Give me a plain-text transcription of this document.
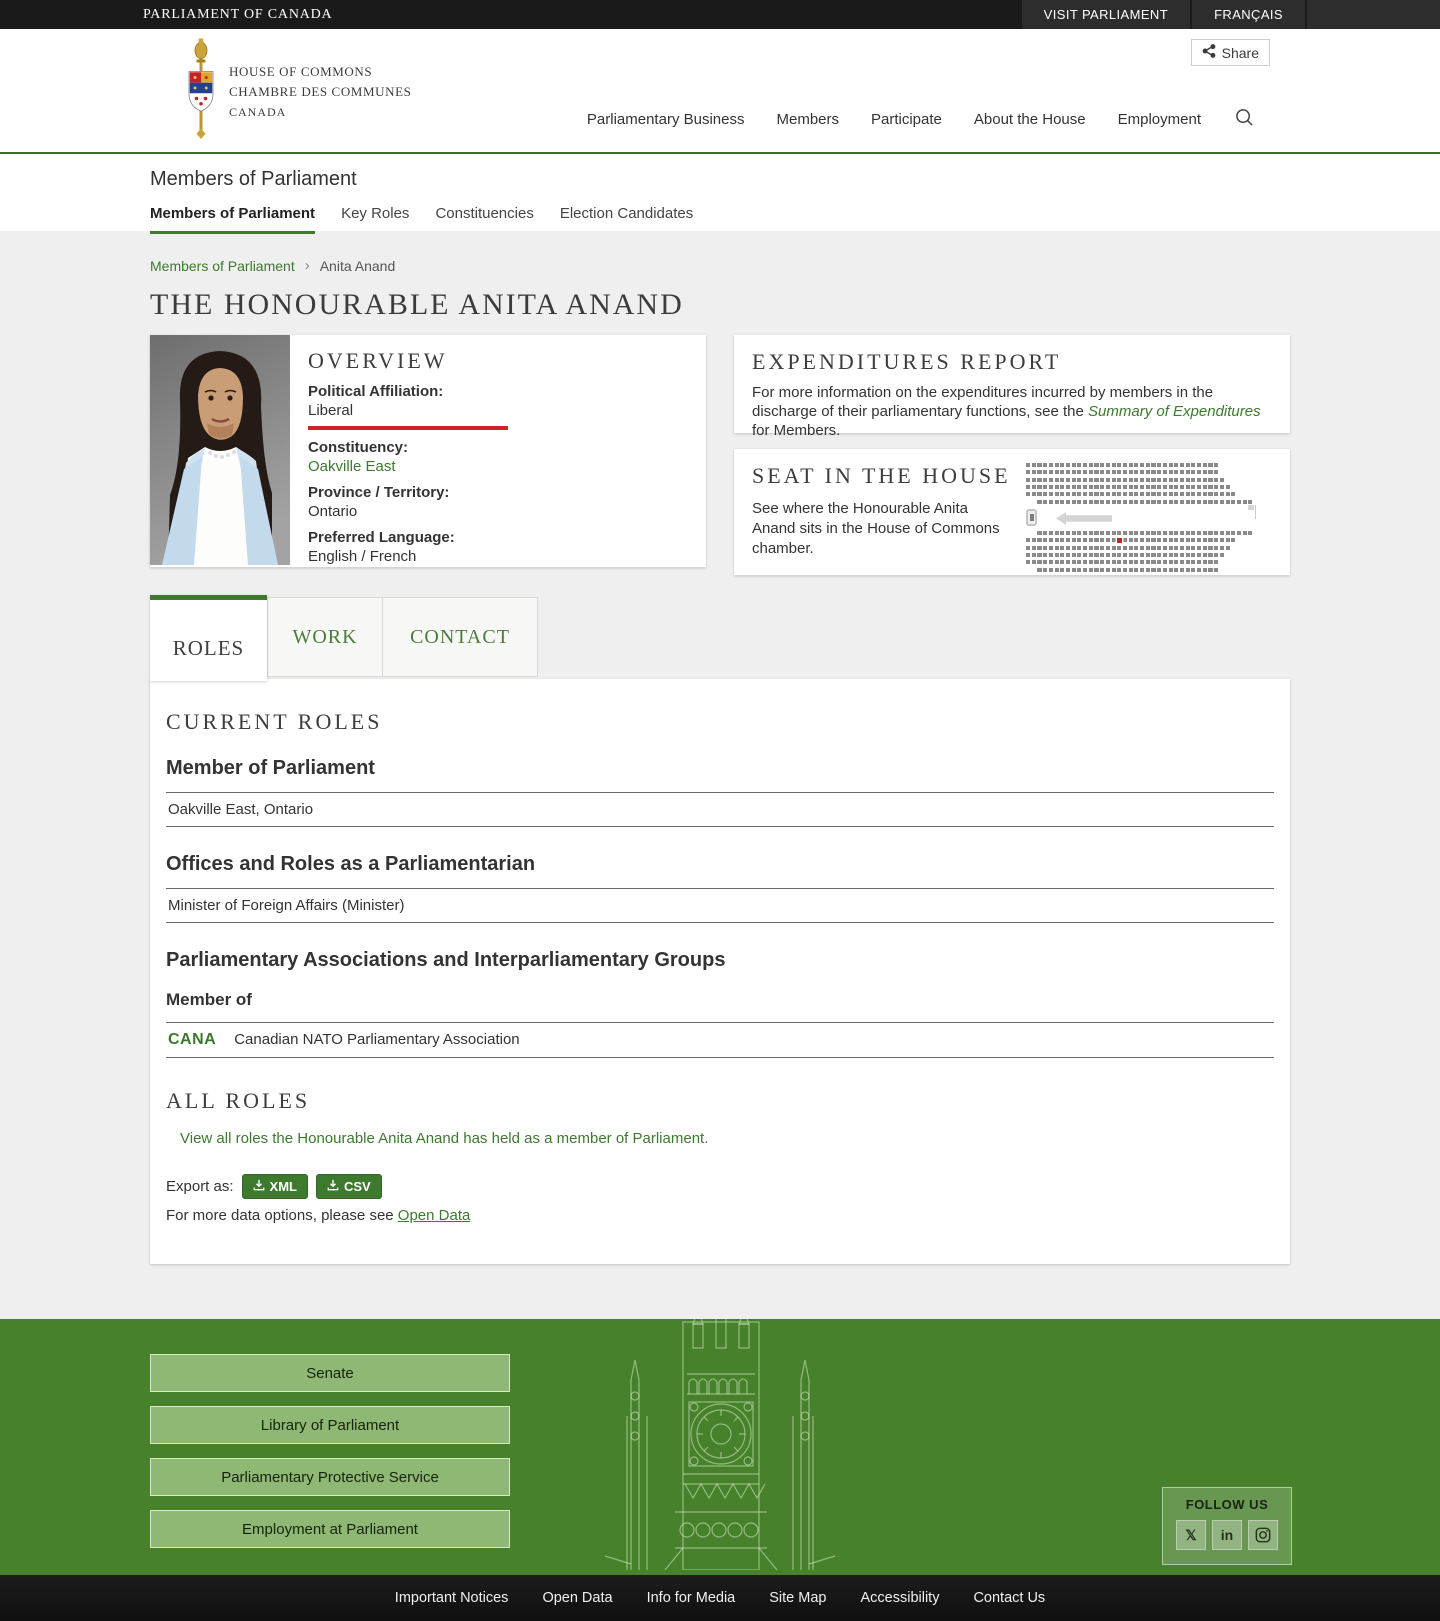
PARLIAMENT OF CANADA	VISIT PARLIAMENT	FRANÇAIS
HOUSE OF COMMONS
CHAMBRE DES COMMUNES
CANADA
Share
Parliamentary Business Members Participate About the House Employment
Members of Parliament
Members of Parliament Key Roles Constituencies Election Candidates
Members of Parliament › Anita Anand
THE HONOURABLE ANITA ANAND
OVERVIEW
Political Affiliation:
Liberal
Constituency:
Oakville East
Province / Territory:
Ontario
Preferred Language:
English / French
EXPENDITURES REPORT
For more information on the expenditures incurred by members in the discharge of their parliamentary functions, see the Summary of Expenditures for Members.
SEAT IN THE HOUSE
See where the Honourable Anita Anand sits in the House of Commons chamber.
ROLES	WORK	CONTACT
CURRENT ROLES
Member of Parliament
Oakville East, Ontario
Offices and Roles as a Parliamentarian
Minister of Foreign Affairs (Minister)
Parliamentary Associations and Interparliamentary Groups
Member of
CANA Canadian NATO Parliamentary Association
ALL ROLES
View all roles the Honourable Anita Anand has held as a member of Parliament.
Export as:	XML	CSV
For more data options, please see Open Data
Senate
Library of Parliament
Parliamentary Protective Service
Employment at Parliament
FOLLOW US
𝕏 in
Important Notices Open Data Info for Media Site Map Accessibility Contact Us
